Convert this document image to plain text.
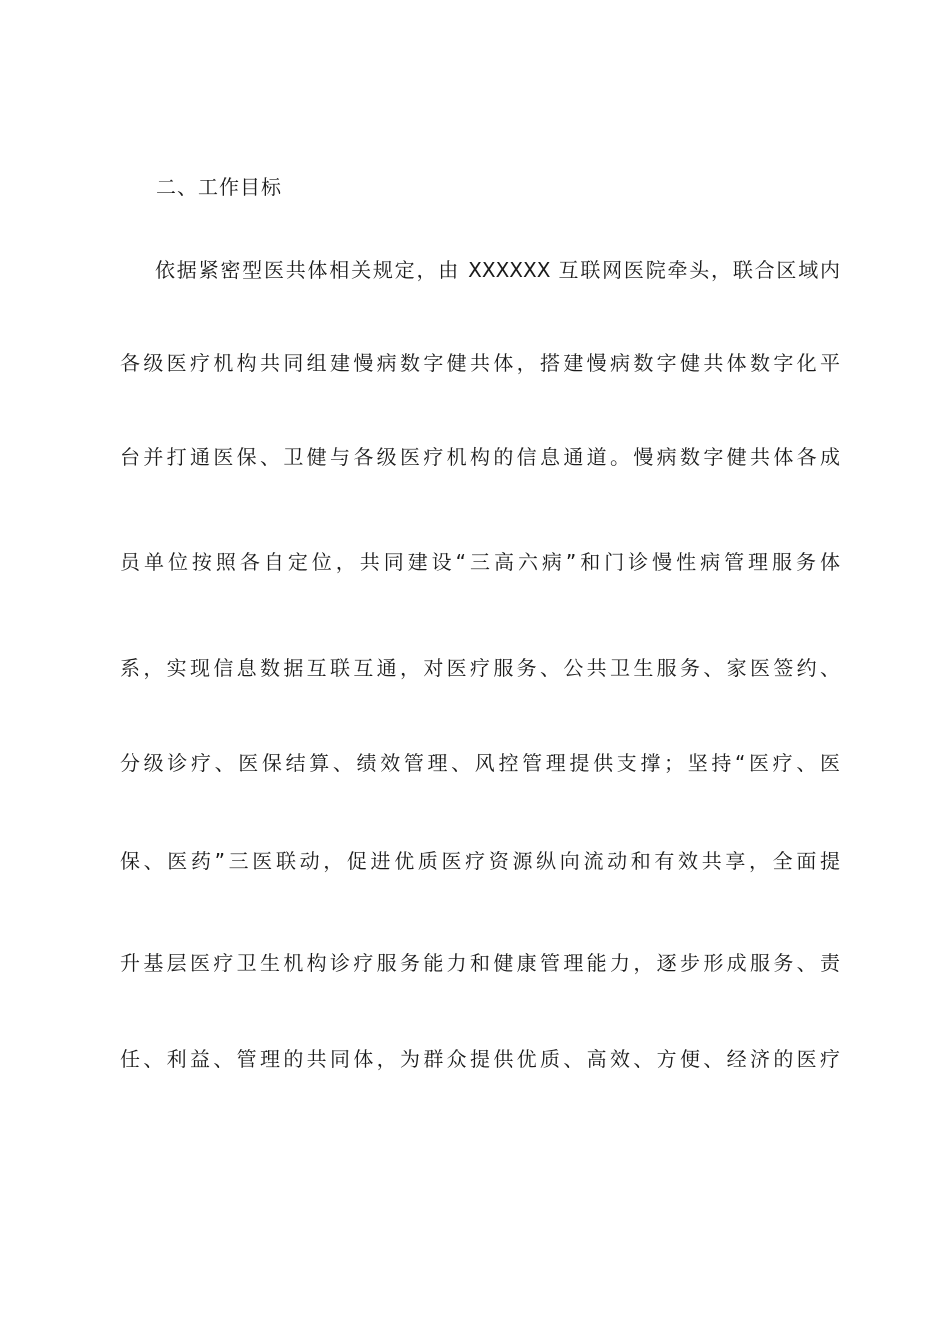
二、工作目标
依据紧密型医共体相关规定，由 XXXXXX 互联网医院牵头，联合区域内
各级医疗机构共同组建慢病数字健共体，搭建慢病数字健共体数字化平
台并打通医保、卫健与各级医疗机构的信息通道。慢病数字健共体各成
员单位按照各自定位，共同建设“三高六病”和门诊慢性病管理服务体
系，实现信息数据互联互通，对医疗服务、公共卫生服务、家医签约、
分级诊疗、医保结算、绩效管理、风控管理提供支撑；坚持“医疗、医
保、医药”三医联动，促进优质医疗资源纵向流动和有效共享，全面提
升基层医疗卫生机构诊疗服务能力和健康管理能力，逐步形成服务、责
任、利益、管理的共同体，为群众提供优质、高效、方便、经济的医疗
